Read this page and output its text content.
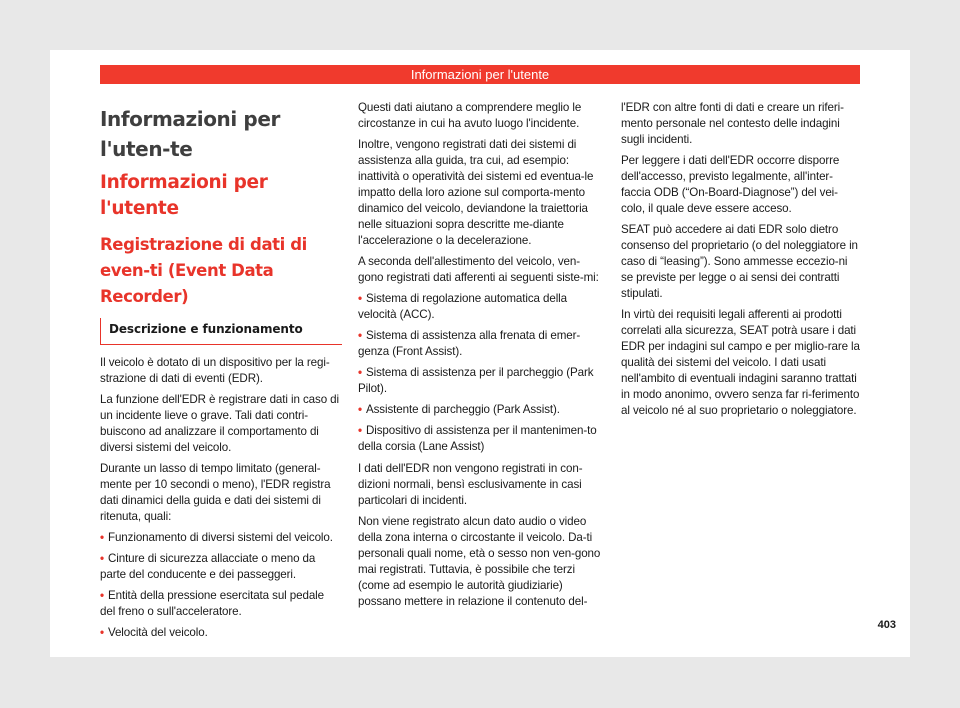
Informazioni per l'utente
Informazioni per l'uten-te
Informazioni per l'utente
Registrazione di dati di even-ti (Event Data Recorder)
Descrizione e funzionamento

Il veicolo è dotato di un dispositivo per la regi-strazione di dati di eventi (EDR).

La funzione dell'EDR è registrare dati in caso di un incidente lieve o grave. Tali dati contri-buiscono ad analizzare il comportamento di diversi sistemi del veicolo.

Durante un lasso di tempo limitato (general-mente per 10 secondi o meno), l'EDR registra dati dinamici della guida e dati dei sistemi di ritenuta, quali:

• Funzionamento di diversi sistemi del veicolo.
• Cinture di sicurezza allacciate o meno da parte del conducente e dei passeggeri.
• Entità della pressione esercitata sul pedale del freno o sull'acceleratore.
• Velocità del veicolo.

Questi dati aiutano a comprendere meglio le circostanze in cui ha avuto luogo l'incidente.

Inoltre, vengono registrati dati dei sistemi di assistenza alla guida, tra cui, ad esempio: inattività o operatività dei sistemi ed eventua-le impatto della loro azione sul comporta-mento dinamico del veicolo, deviandone la traiettoria nelle situazioni sopra descritte me-diante l'accelerazione o la decelerazione.

A seconda dell'allestimento del veicolo, ven-gono registrati dati afferenti ai seguenti siste-mi:

• Sistema di regolazione automatica della velocità (ACC).
• Sistema di assistenza alla frenata di emer-genza (Front Assist).
• Sistema di assistenza per il parcheggio (Park Pilot).
• Assistente di parcheggio (Park Assist).
• Dispositivo di assistenza per il mantenimen-to della corsia (Lane Assist)

I dati dell'EDR non vengono registrati in con-dizioni normali, bensì esclusivamente in casi particolari di incidenti.

Non viene registrato alcun dato audio o video della zona interna o circostante il veicolo. Da-ti personali quali nome, età o sesso non ven-gono mai registrati. Tuttavia, è possibile che terzi (come ad esempio le autorità giudiziarie) possano mettere in relazione il contenuto del-

l'EDR con altre fonti di dati e creare un riferi-mento personale nel contesto delle indagini sugli incidenti.

Per leggere i dati dell'EDR occorre disporre dell'accesso, previsto legalmente, all'inter-faccia ODB (“On-Board-Diagnose”) del vei-colo, il quale deve essere acceso.

SEAT può accedere ai dati EDR solo dietro consenso del proprietario (o del noleggiatore in caso di “leasing”). Sono ammesse eccezio-ni se previste per legge o ai sensi dei contratti stipulati.

In virtù dei requisiti legali afferenti ai prodotti correlati alla sicurezza, SEAT potrà usare i dati EDR per indagini sul campo e per miglio-rare la qualità dei sistemi del veicolo. I dati usati nell'ambito di eventuali indagini saranno trattati in modo anonimo, ovvero senza far ri-ferimento al veicolo né al suo proprietario o noleggiatore.

403
